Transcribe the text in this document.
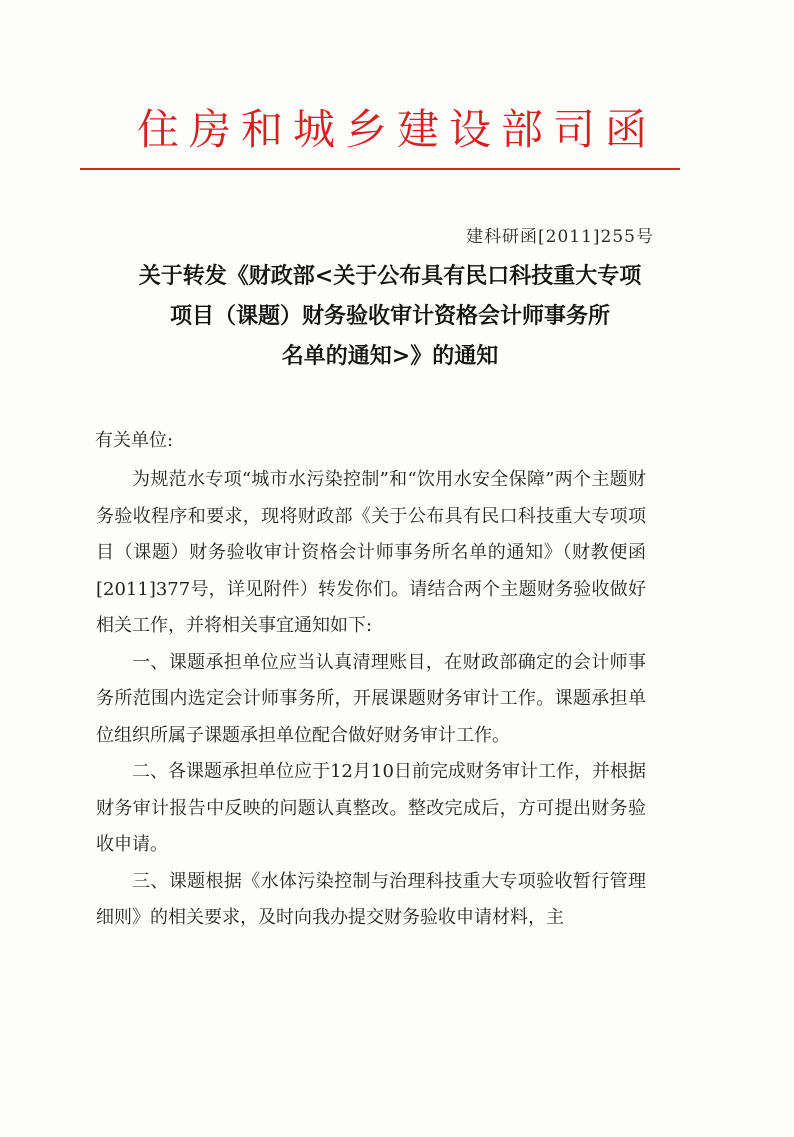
住房和城乡建设部司函
建科研函[2011]255号
关于转发《财政部<关于公布具有民口科技重大专项
项目（课题）财务验收审计资格会计师事务所
名单的通知>》的通知
有关单位:

为规范水专项“城市水污染控制”和“饮用水安全保障”两个主题财务验收程序和要求，现将财政部《关于公布具有民口科技重大专项项目（课题）财务验收审计资格会计师事务所名单的通知》（财教便函[2011]377号，详见附件）转发你们。请结合两个主题财务验收做好相关工作，并将相关事宜通知如下:

一、课题承担单位应当认真清理账目，在财政部确定的会计师事务所范围内选定会计师事务所，开展课题财务审计工作。课题承担单位组织所属子课题承担单位配合做好财务审计工作。

二、各课题承担单位应于12月10日前完成财务审计工作，并根据财务审计报告中反映的问题认真整改。整改完成后，方可提出财务验收申请。

三、课题根据《水体污染控制与治理科技重大专项验收暂行管理细则》的相关要求，及时向我办提交财务验收申请材料，主
